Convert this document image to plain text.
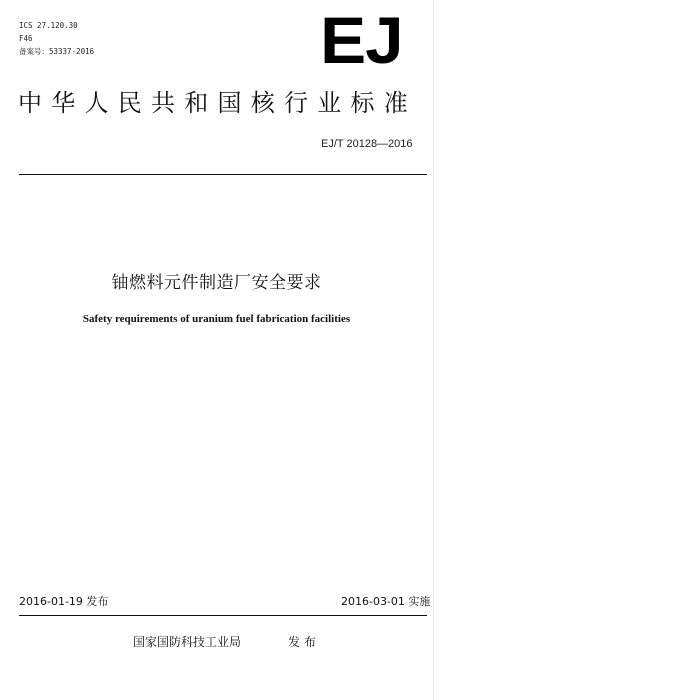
ICS 27.120.30
F46
备案号：53337-2016	EJ
中华人民共和国核行业标准
EJ/T 20128—2016
铀燃料元件制造厂安全要求
Safety requirements of uranium fuel fabrication facilities
2016-01-19 发布	2016-03-01 实施
国家国防科技工业局	发布
